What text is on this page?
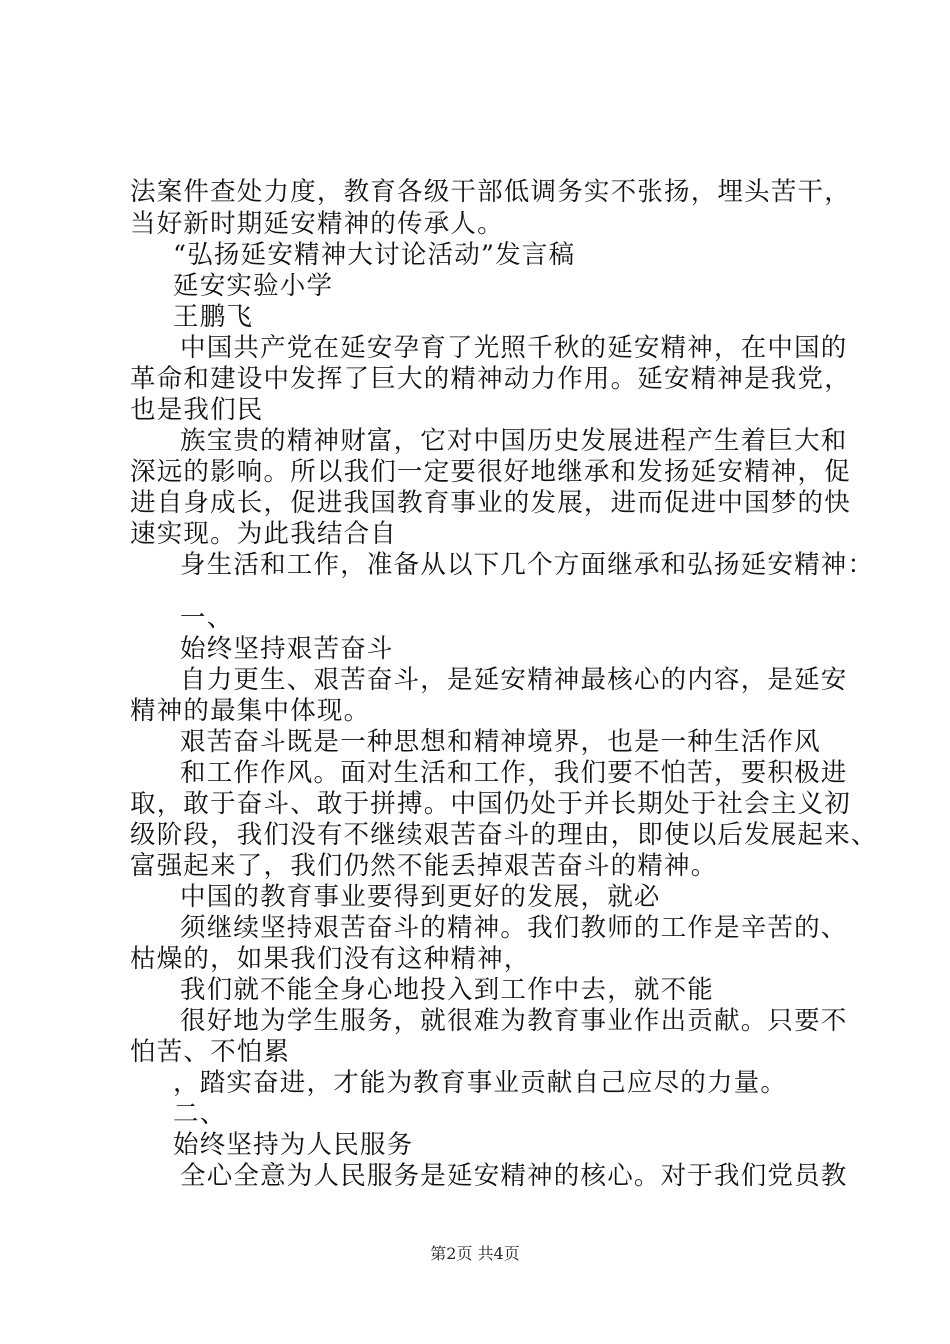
法案件查处力度，教育各级干部低调务实不张扬，埋头苦干，
当好新时期延安精神的传承人。
“弘扬延安精神大讨论活动”发言稿
延安实验小学
王鹏飞
中国共产党在延安孕育了光照千秋的延安精神，在中国的
革命和建设中发挥了巨大的精神动力作用。延安精神是我党，
也是我们民
族宝贵的精神财富，它对中国历史发展进程产生着巨大和
深远的影响。所以我们一定要很好地继承和发扬延安精神，促
进自身成长，促进我国教育事业的发展，进而促进中国梦的快
速实现。为此我结合自
身生活和工作，准备从以下几个方面继承和弘扬延安精神：
一、
始终坚持艰苦奋斗
自力更生、艰苦奋斗，是延安精神最核心的内容，是延安
精神的最集中体现。
艰苦奋斗既是一种思想和精神境界，也是一种生活作风
和工作作风。面对生活和工作，我们要不怕苦，要积极进
取，敢于奋斗、敢于拼搏。中国仍处于并长期处于社会主义初
级阶段，我们没有不继续艰苦奋斗的理由，即使以后发展起来、
富强起来了，我们仍然不能丢掉艰苦奋斗的精神。
中国的教育事业要得到更好的发展，就必
须继续坚持艰苦奋斗的精神。我们教师的工作是辛苦的、
枯燥的，如果我们没有这种精神，
我们就不能全身心地投入到工作中去，就不能
很好地为学生服务，就很难为教育事业作出贡献。只要不
怕苦、不怕累
，踏实奋进，才能为教育事业贡献自己应尽的力量。
二、
始终坚持为人民服务
全心全意为人民服务是延安精神的核心。对于我们党员教
第2页 共4页
